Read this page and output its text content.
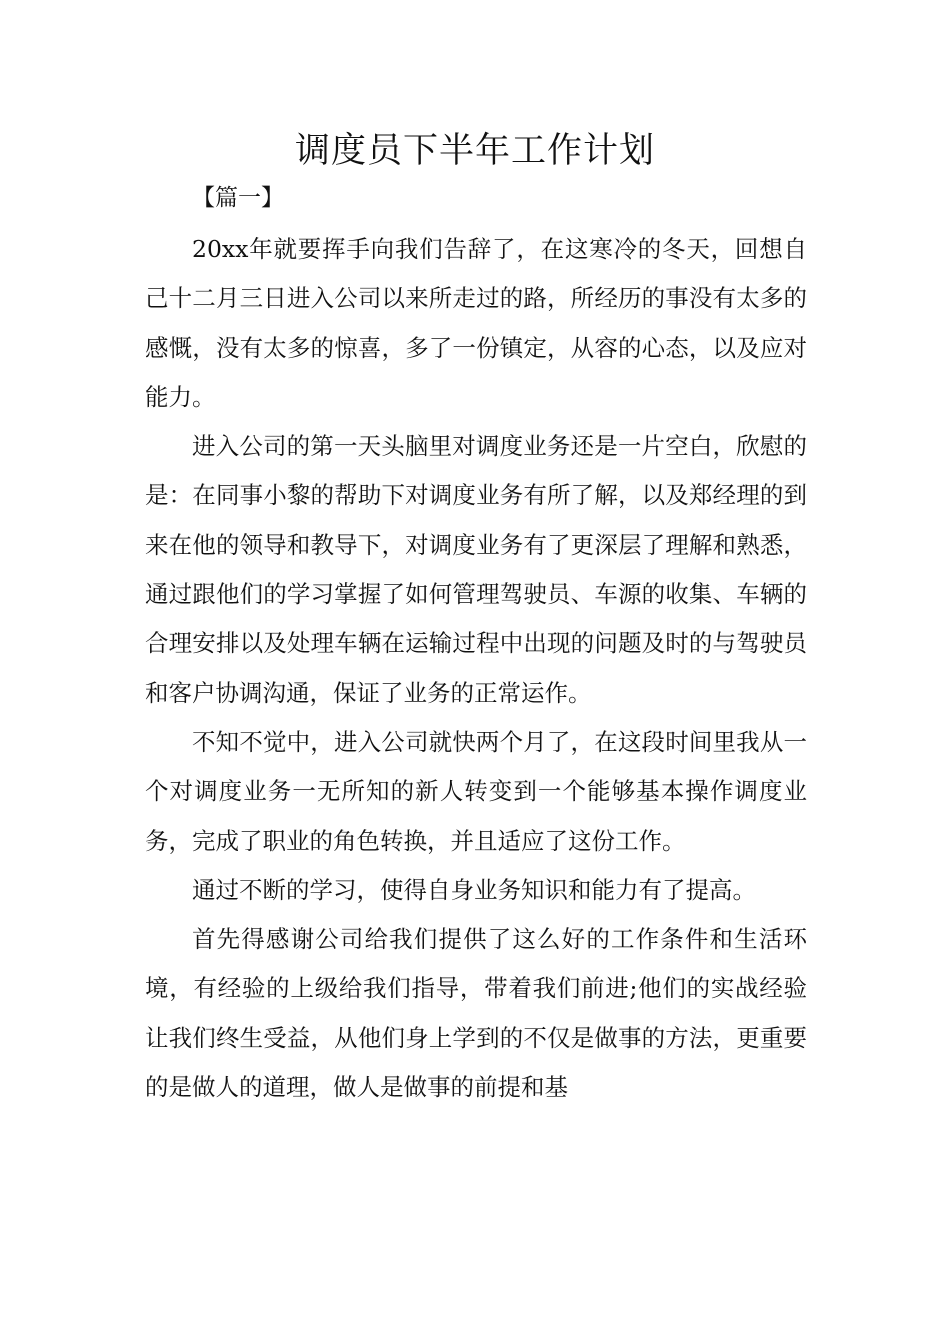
调度员下半年工作计划
【篇一】

20xx年就要挥手向我们告辞了，在这寒冷的冬天，回想自己十二月三日进入公司以来所走过的路，所经历的事没有太多的感慨，没有太多的惊喜，多了一份镇定，从容的心态，以及应对能力。

进入公司的第一天头脑里对调度业务还是一片空白，欣慰的是：在同事小黎的帮助下对调度业务有所了解，以及郑经理的到来在他的领导和教导下，对调度业务有了更深层了理解和熟悉，通过跟他们的学习掌握了如何管理驾驶员、车源的收集、车辆的合理安排以及处理车辆在运输过程中出现的问题及时的与驾驶员和客户协调沟通，保证了业务的正常运作。

不知不觉中，进入公司就快两个月了，在这段时间里我从一个对调度业务一无所知的新人转变到一个能够基本操作调度业务，完成了职业的角色转换，并且适应了这份工作。

通过不断的学习，使得自身业务知识和能力有了提高。

首先得感谢公司给我们提供了这么好的工作条件和生活环境，有经验的上级给我们指导，带着我们前进;他们的实战经验让我们终生受益，从他们身上学到的不仅是做事的方法，更重要的是做人的道理，做人是做事的前提和基
